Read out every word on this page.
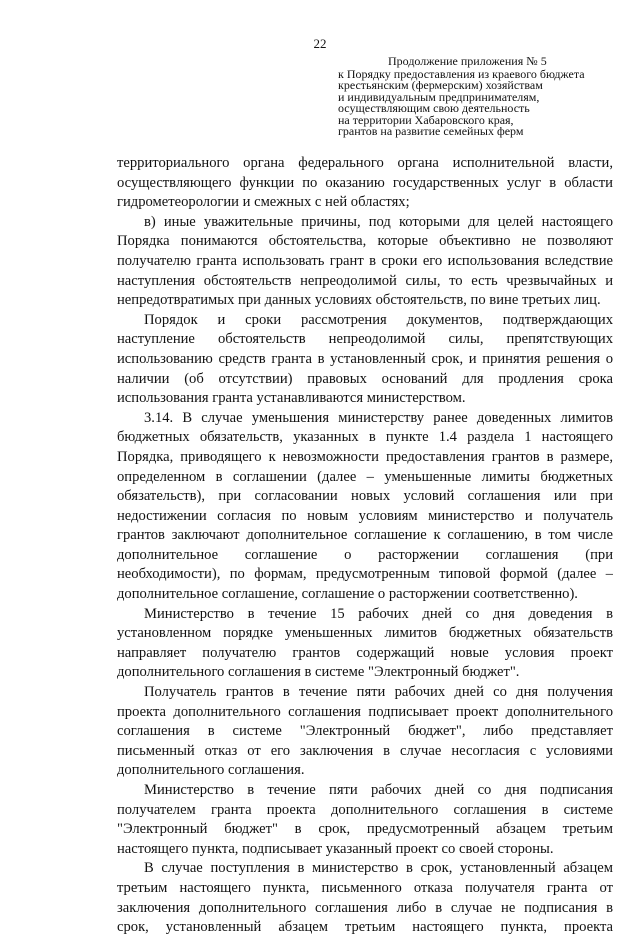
22
Продолжение приложения № 5
к Порядку предоставления из краевого бюджета
крестьянским (фермерским) хозяйствам
и индивидуальным предпринимателям,
осуществляющим свою деятельность
на территории Хабаровского края,
грантов на развитие семейных ферм
территориального органа федерального органа исполнительной власти,
осуществляющего функции по оказанию государственных услуг в области
гидрометеорологии и смежных с ней областях;
в) иные уважительные причины, под которыми для целей настоящего
Порядка понимаются обстоятельства, которые объективно не позволяют
получателю гранта использовать грант в сроки его использования вследствие
наступления обстоятельств непреодолимой силы, то есть чрезвычайных и
непредотвратимых при данных условиях обстоятельств, по вине третьих лиц.
Порядок и сроки рассмотрения документов, подтверждающих
наступление обстоятельств непреодолимой силы, препятствующих
использованию средств гранта в установленный срок, и принятия решения о
наличии (об отсутствии) правовых оснований для продления срока
использования гранта устанавливаются министерством.
3.14. В случае уменьшения министерству ранее доведенных лимитов
бюджетных обязательств, указанных в пункте 1.4 раздела 1 настоящего
Порядка, приводящего к невозможности предоставления грантов в размере,
определенном в соглашении (далее – уменьшенные лимиты бюджетных
обязательств), при согласовании новых условий соглашения или при
недостижении согласия по новым условиям министерство и получатель
грантов заключают дополнительное соглашение к соглашению, в том числе
дополнительное соглашение о расторжении соглашения (при
необходимости), по формам, предусмотренным типовой формой (далее –
дополнительное соглашение, соглашение о расторжении соответственно).
Министерство в течение 15 рабочих дней со дня доведения в
установленном порядке уменьшенных лимитов бюджетных обязательств
направляет получателю грантов содержащий новые условия проект
дополнительного соглашения в системе "Электронный бюджет".
Получатель грантов в течение пяти рабочих дней со дня получения
проекта дополнительного соглашения подписывает проект дополнительного
соглашения в системе "Электронный бюджет", либо представляет
письменный отказ от его заключения в случае несогласия с условиями
дополнительного соглашения.
Министерство в течение пяти рабочих дней со дня подписания
получателем гранта проекта дополнительного соглашения в системе
"Электронный бюджет" в срок, предусмотренный абзацем третьим
настоящего пункта, подписывает указанный проект со своей стороны.
В случае поступления в министерство в срок, установленный абзацем
третьим настоящего пункта, письменного отказа получателя гранта от
заключения дополнительного соглашения либо в случае не подписания в
срок, установленный абзацем третьим настоящего пункта, проекта
